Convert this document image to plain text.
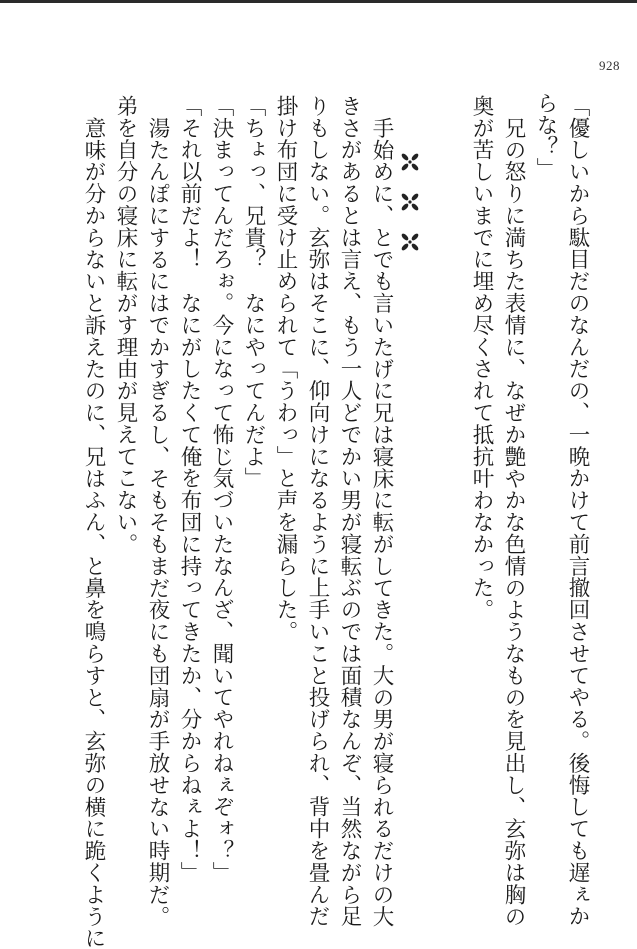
928
「優しいから駄目だのなんだの、一晩かけて前言撤回させてやる。後悔しても遅ぇか
らな？」
兄の怒りに満ちた表情に、なぜか艶やかな色情のようなものを見出し、玄弥は胸の
奥が苦しいまでに埋め尽くされて抵抗叶わなかった。
手始めに、とでも言いたげに兄は寝床に転がしてきた。大の男が寝られるだけの大
きさがあるとは言え、もう一人どでかい男が寝転ぶのでは面積なんぞ、当然ながら足
りもしない。玄弥はそこに、仰向けになるように上手いこと投げられ、背中を畳んだ
掛け布団に受け止められて「うわっ」と声を漏らした。
「ちょっ、兄貴？　なにやってんだよ」
「決まってんだろぉ。今になって怖じ気づいたなんざ、聞いてやれねぇぞォ？」
「それ以前だよ！　なにがしたくて俺を布団に持ってきたか、分からねぇよ！」
湯たんぽにするにはでかすぎるし、そもそもまだ夜にも団扇が手放せない時期だ。
弟を自分の寝床に転がす理由が見えてこない。
意味が分からないと訴えたのに、兄はふん、と鼻を鳴らすと、玄弥の横に跪くように
